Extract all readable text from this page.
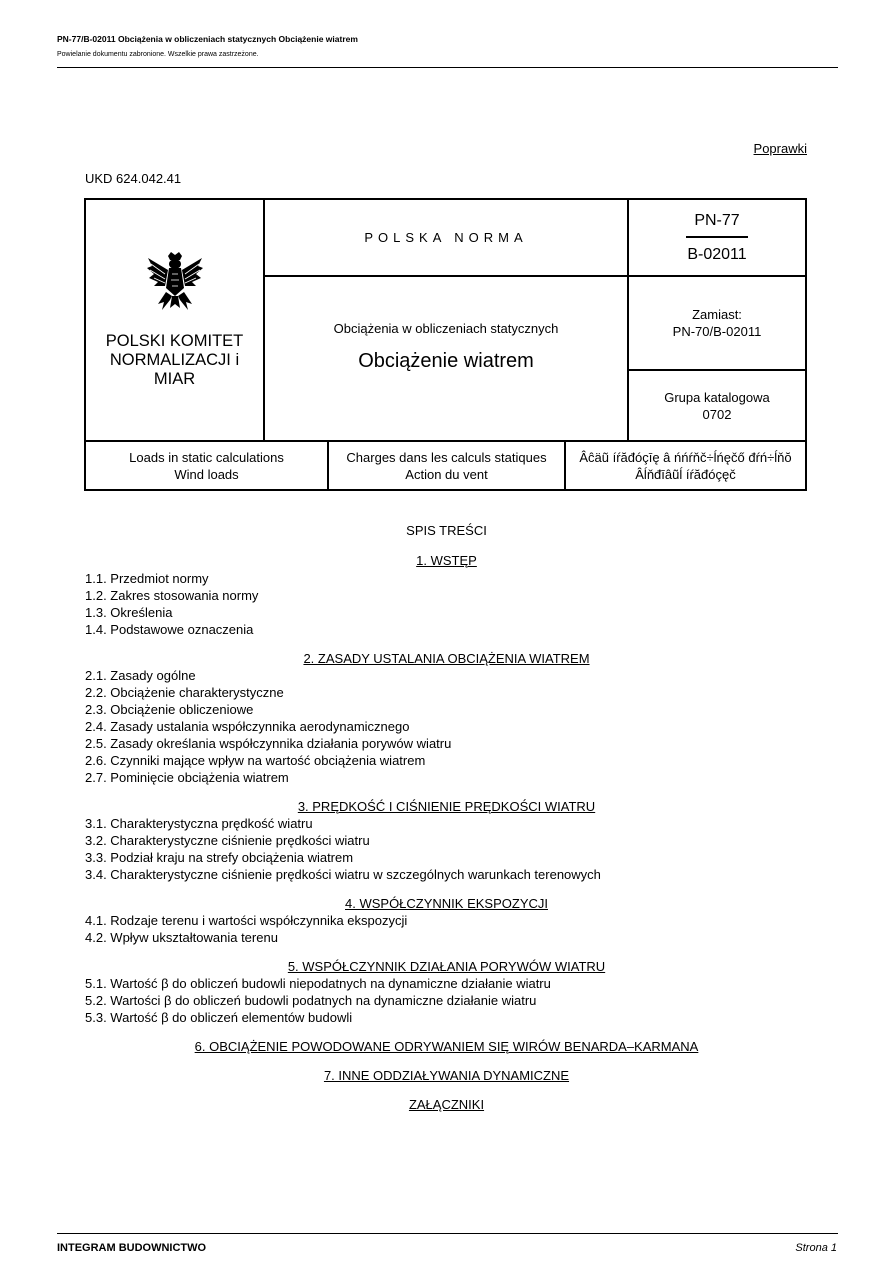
PN-77/B-02011 Obciążenia w obliczeniach statycznych Obciążenie wiatrem
Powielanie dokumentu zabronione. Wszelkie prawa zastrzeżone.
Poprawki
UKD 624.042.41
POLSKI KOMITET
NORMALIZACJI i
MIAR
POLSKA NORMA
PN-77
B-02011
Obciążenia w obliczeniach statycznych
Obciążenie wiatrem
Zamiast:
PN-70/B-02011
Grupa katalogowa
0702
Loads in static calculations
Wind loads
Charges dans les calculs statiques
Action du vent
Âĉäũ íŕăđóçīę â ńńŕňč÷ĺńęčő đŕń÷ĺňŏ
Âĺňđīâũĺ íŕăđóçęč
SPIS TREŚCI
1. WSTĘP
1.1. Przedmiot normy
1.2. Zakres stosowania normy
1.3. Określenia
1.4. Podstawowe oznaczenia
2. ZASADY USTALANIA OBCIĄŻENIA WIATREM
2.1. Zasady ogólne
2.2. Obciążenie charakterystyczne
2.3. Obciążenie obliczeniowe
2.4. Zasady ustalania współczynnika aerodynamicznego
2.5. Zasady określania współczynnika działania porywów wiatru
2.6. Czynniki mające wpływ na wartość obciążenia wiatrem
2.7. Pominięcie obciążenia wiatrem
3. PRĘDKOŚĆ I CIŚNIENIE PRĘDKOŚCI WIATRU
3.1. Charakterystyczna prędkość wiatru
3.2. Charakterystyczne ciśnienie prędkości wiatru
3.3. Podział kraju na strefy obciążenia wiatrem
3.4. Charakterystyczne ciśnienie prędkości wiatru w szczególnych warunkach terenowych
4. WSPÓŁCZYNNIK EKSPOZYCJI
4.1. Rodzaje terenu i wartości współczynnika ekspozycji
4.2. Wpływ ukształtowania terenu
5. WSPÓŁCZYNNIK DZIAŁANIA PORYWÓW WIATRU
5.1. Wartość β do obliczeń budowli niepodatnych na dynamiczne działanie wiatru
5.2. Wartości β do obliczeń budowli podatnych na dynamiczne działanie wiatru
5.3. Wartość β do obliczeń elementów budowli
6. OBCIĄŻENIE POWODOWANE ODRYWANIEM SIĘ WIRÓW BENARDA–KARMANA
7. INNE ODDZIAŁYWANIA DYNAMICZNE
ZAŁĄCZNIKI
INTEGRAM BUDOWNICTWO	Strona 1
